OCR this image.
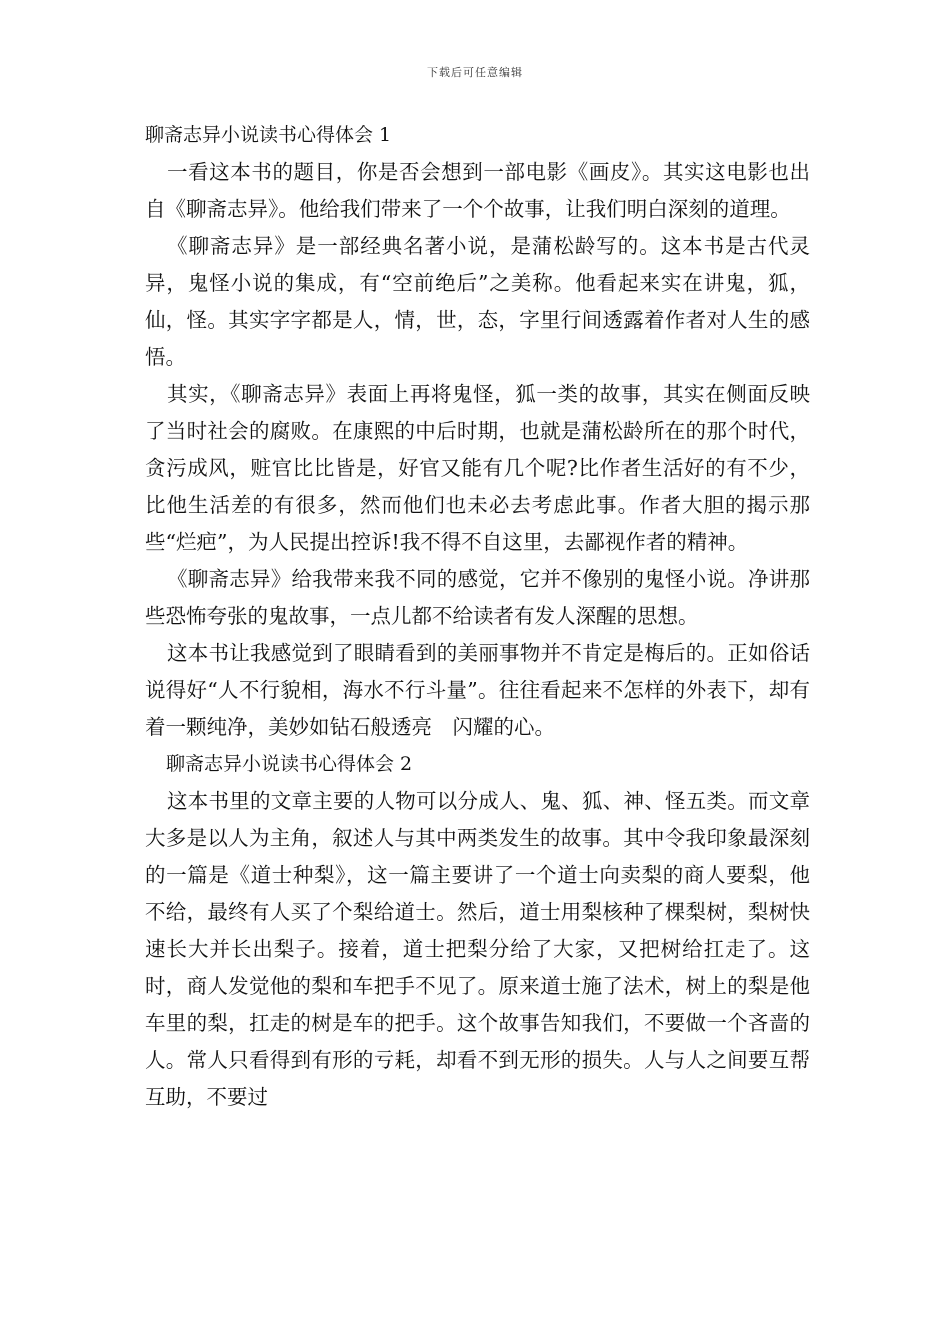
下载后可任意编辑
聊斋志异小说读书心得体会 1

一看这本书的题目，你是否会想到一部电影《画皮》。其实这电影也出自《聊斋志异》。他给我们带来了一个个故事，让我们明白深刻的道理。

《聊斋志异》是一部经典名著小说，是蒲松龄写的。这本书是古代灵异，鬼怪小说的集成，有“空前绝后”之美称。他看起来实在讲鬼，狐，仙，怪。其实字字都是人，情，世，态，字里行间透露着作者对人生的感悟。

其实，《聊斋志异》表面上再将鬼怪，狐一类的故事，其实在侧面反映了当时社会的腐败。在康熙的中后时期，也就是蒲松龄所在的那个时代，贪污成风，赃官比比皆是，好官又能有几个呢?比作者生活好的有不少，比他生活差的有很多，然而他们也未必去考虑此事。作者大胆的揭示那些“烂疤”，为人民提出控诉!我不得不自这里，去鄙视作者的精神。

《聊斋志异》给我带来我不同的感觉，它并不像别的鬼怪小说。净讲那些恐怖夸张的鬼故事，一点儿都不给读者有发人深醒的思想。

这本书让我感觉到了眼睛看到的美丽事物并不肯定是梅后的。正如俗话说得好“人不行貌相，海水不行斗量”。往往看起来不怎样的外表下，却有着一颗纯净，美妙如钻石般透亮　闪耀的心。

聊斋志异小说读书心得体会 2

这本书里的文章主要的人物可以分成人、鬼、狐、神、怪五类。而文章大多是以人为主角，叙述人与其中两类发生的故事。其中令我印象最深刻的一篇是《道士种梨》，这一篇主要讲了一个道士向卖梨的商人要梨，他不给，最终有人买了个梨给道士。然后，道士用梨核种了棵梨树，梨树快速长大并长出梨子。接着，道士把梨分给了大家，又把树给扛走了。这时，商人发觉他的梨和车把手不见了。原来道士施了法术，树上的梨是他车里的梨，扛走的树是车的把手。这个故事告知我们，不要做一个吝啬的人。常人只看得到有形的亏耗，却看不到无形的损失。人与人之间要互帮互助，不要过
